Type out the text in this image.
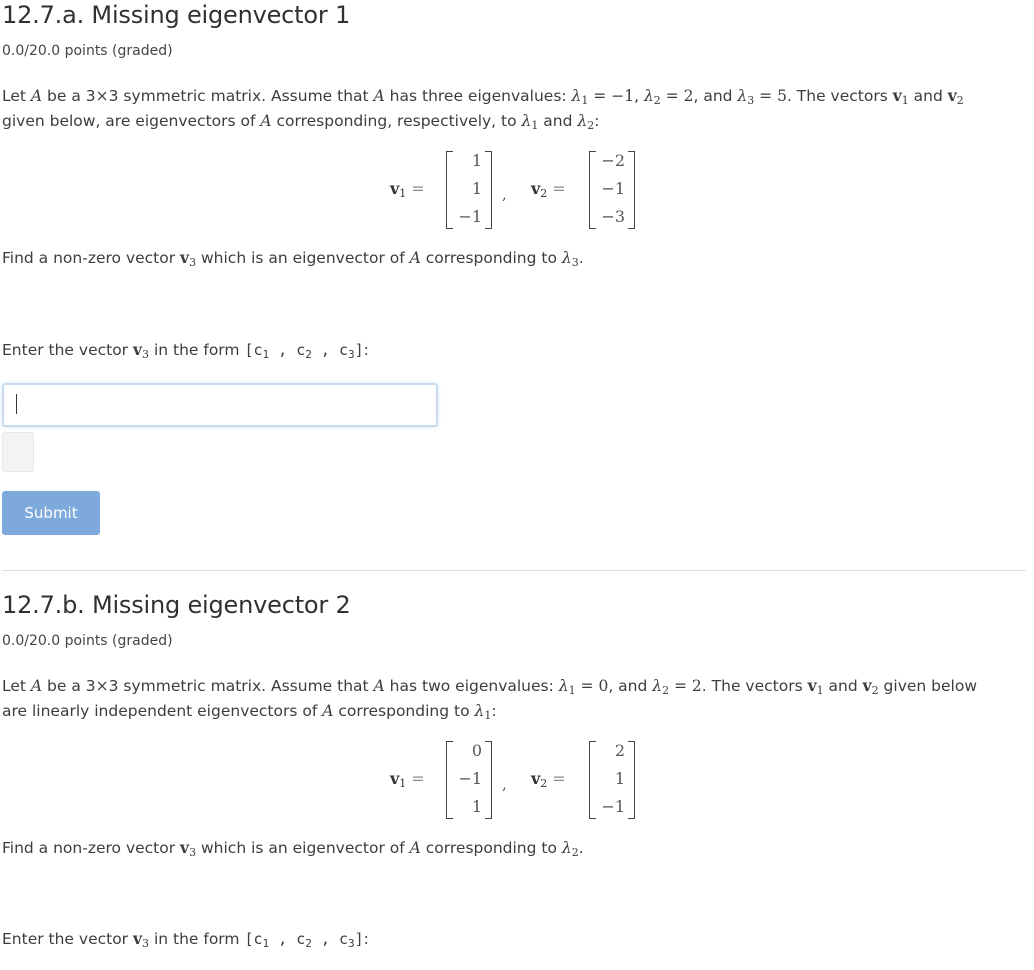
12.7.a. Missing eigenvector 1
0.0/20.0 points (graded)
Let A be a 3×3 symmetric matrix. Assume that A has three eigenvalues: $\lambda_1 = -1$, $\lambda_2 = 2$, and $\lambda_3 = 5$. The vectors $v_1$ and $v_2$
given below, are eigenvectors of A corresponding, respectively, to $\lambda_1$ and $\lambda_2$:
$v_1$ =
1
1
−1
, $v_2$ =
−2
−1
−3
Find a non-zero vector $v_3$ which is an eigenvector of A corresponding to $\lambda_3$.
Enter the vector $v_3$ in the form [$c_1$ , $c_2$ , $c_3$]:
Submit
12.7.b. Missing eigenvector 2
0.0/20.0 points (graded)
Let A be a 3×3 symmetric matrix. Assume that A has two eigenvalues: $\lambda_1 = 0$, and $\lambda_2 = 2$. The vectors $v_1$ and $v_2$ given below
are linearly independent eigenvectors of A corresponding to $\lambda_1$:
$v_1$ =
0
−1
1
, $v_2$ =
2
1
−1
Find a non-zero vector $v_3$ which is an eigenvector of A corresponding to $\lambda_2$.
Enter the vector $v_3$ in the form [$c_1$ , $c_2$ , $c_3$]:
